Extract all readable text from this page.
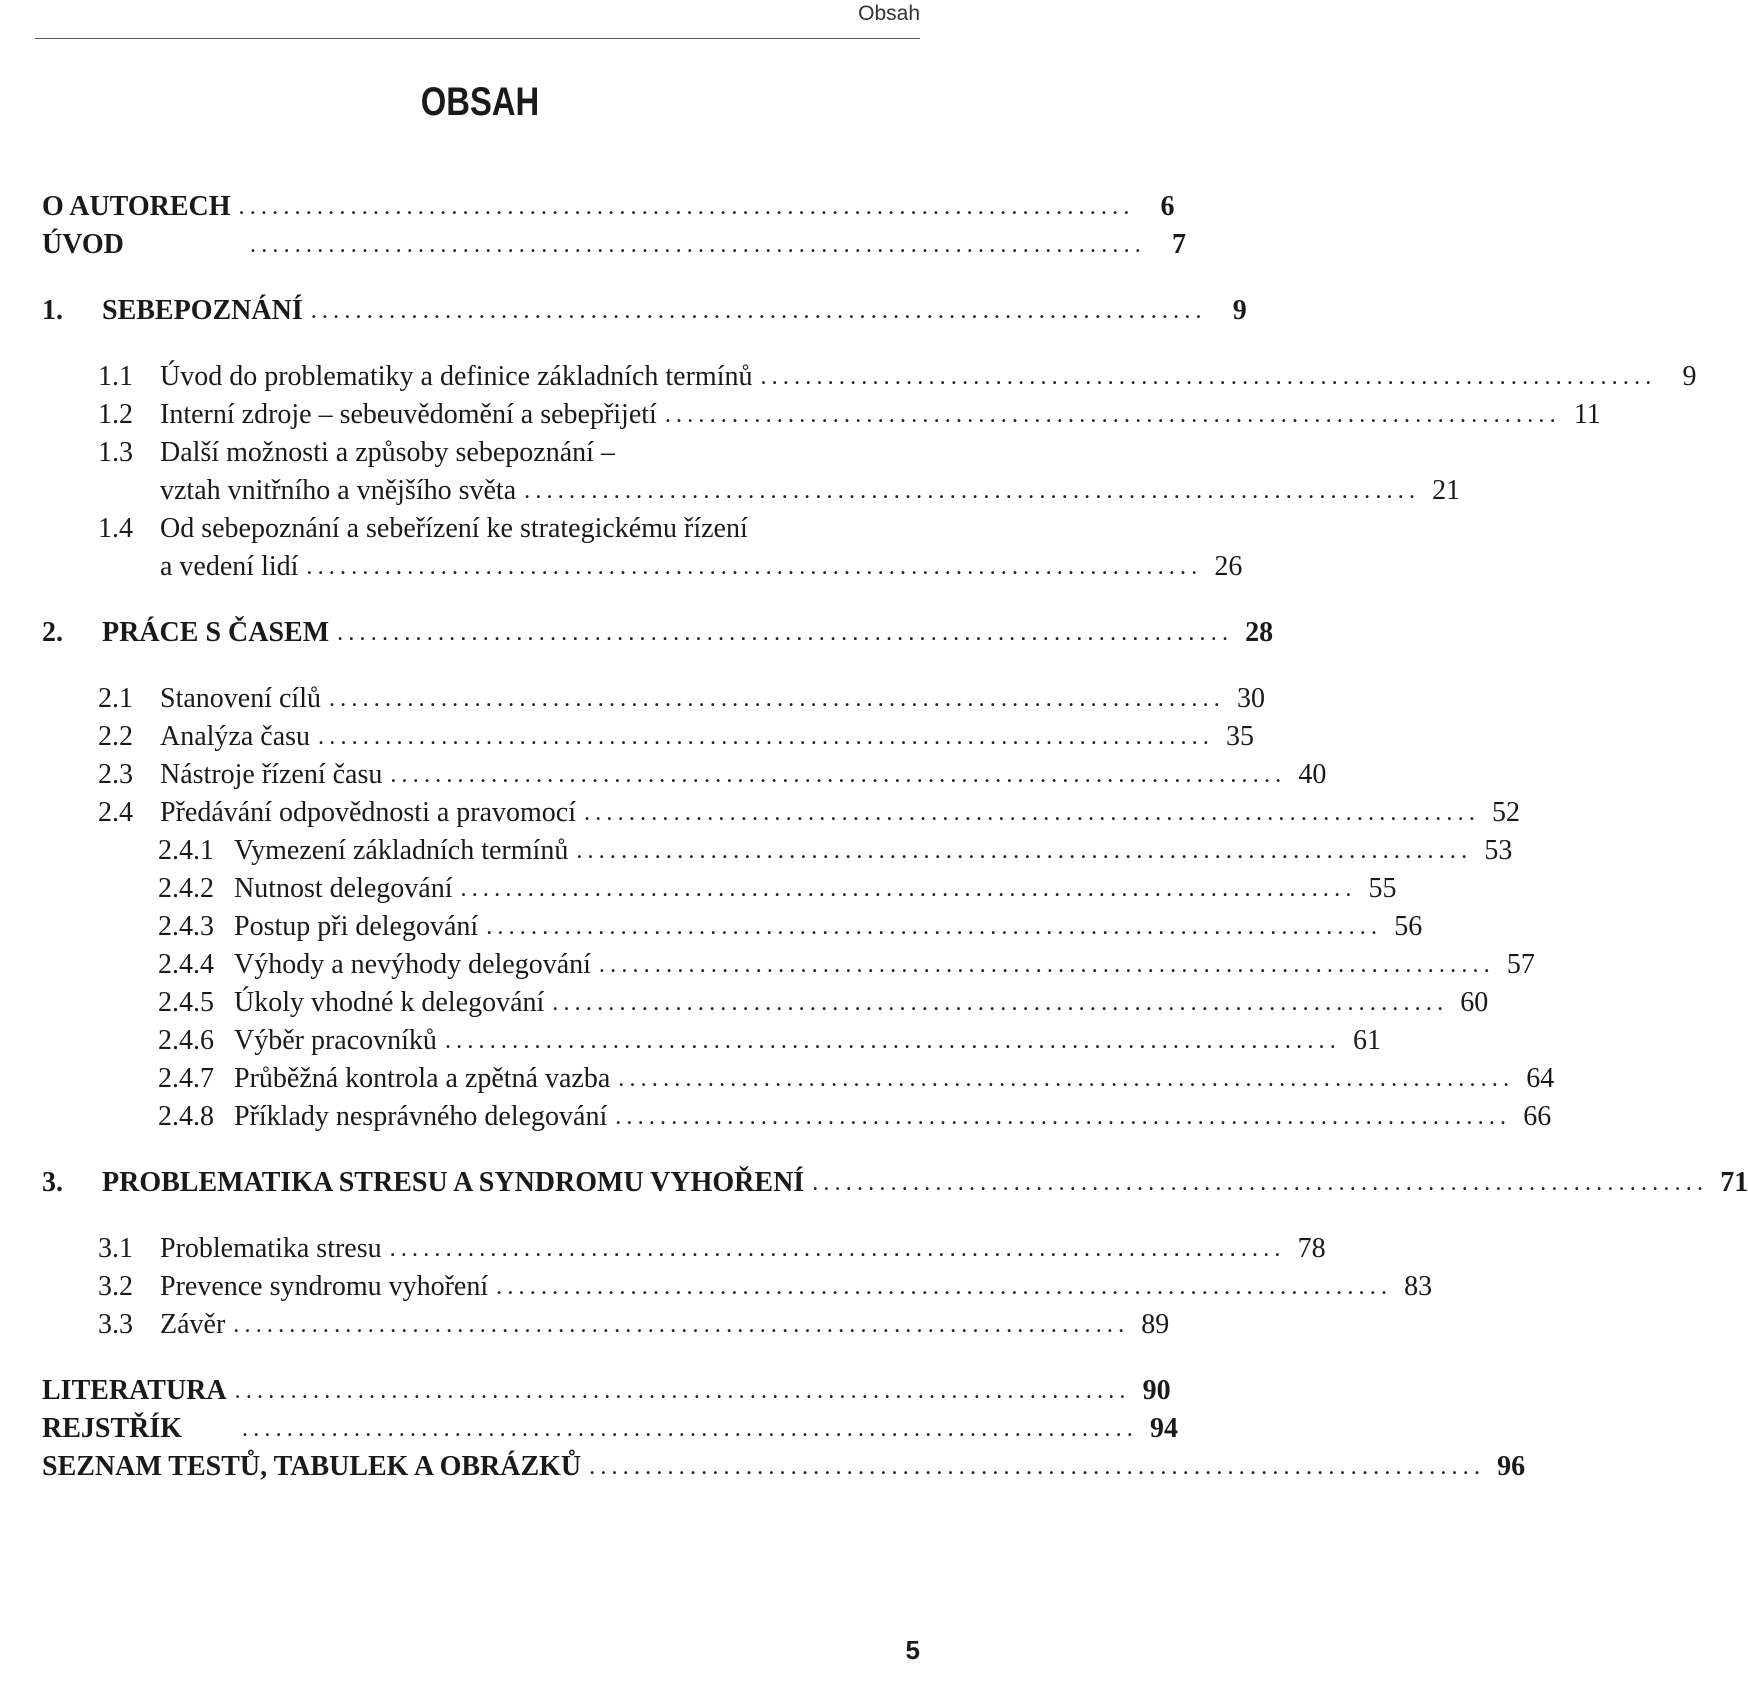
Obsah
OBSAH
O AUTORECH ................................................................................ 6
ÚVOD	................................................................................ 7
1.	SEBEPOZNÁNÍ ................................................................................ 9
1.1 Úvod do problematiky a definice základních termínů ................................................................................ 9
1.2 Interní zdroje – sebeuvědomění a sebepřijetí ................................................................................ 11
1.3 Další možnosti a způsoby sebepoznání –
vztah vnitřního a vnějšího světa ................................................................................ 21
1.4 Od sebepoznání a sebeřízení ke strategickému řízení
a vedení lidí ................................................................................ 26
2.	PRÁCE S ČASEM ................................................................................ 28
2.1 Stanovení cílů ................................................................................ 30
2.2 Analýza času ................................................................................ 35
2.3 Nástroje řízení času ................................................................................ 40
2.4 Předávání odpovědnosti a pravomocí ................................................................................ 52
2.4.1 Vymezení základních termínů ................................................................................ 53
2.4.2 Nutnost delegování ................................................................................ 55
2.4.3 Postup při delegování ................................................................................ 56
2.4.4 Výhody a nevýhody delegování ................................................................................ 57
2.4.5 Úkoly vhodné k delegování ................................................................................ 60
2.4.6 Výběr pracovníků ................................................................................ 61
2.4.7 Průběžná kontrola a zpětná vazba ................................................................................ 64
2.4.8 Příklady nesprávného delegování ................................................................................ 66
3.	PROBLEMATIKA STRESU A SYNDROMU VYHOŘENÍ ................................................................................ 71
3.1 Problematika stresu ................................................................................ 78
3.2 Prevence syndromu vyhoření ................................................................................ 83
3.3 Závěr ................................................................................ 89
LITERATURA ................................................................................ 90
REJSTŘÍK	................................................................................ 94
SEZNAM TESTŮ, TABULEK A OBRÁZKŮ ................................................................................ 96
5
